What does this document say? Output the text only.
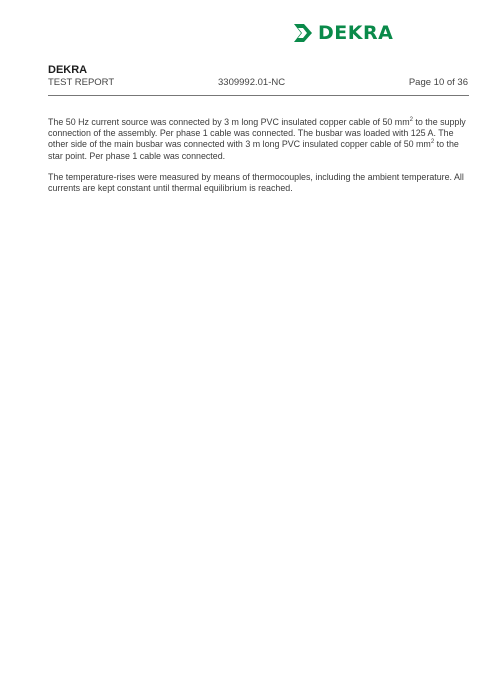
DEKRA
DEKRA
TEST REPORT	3309992.01-NC	Page 10 of 36

The 50 Hz current source was connected by 3 m long PVC insulated copper cable of 50 $mm^2$ to the supply connection of the assembly. Per phase 1 cable was connected. The busbar was loaded with 125 A. The other side of the main busbar was connected with 3 m long PVC insulated copper cable of 50 $mm^2$ to the star point. Per phase 1 cable was connected.

The temperature-rises were measured by means of thermocouples, including the ambient temperature. All currents are kept constant until thermal equilibrium is reached.
